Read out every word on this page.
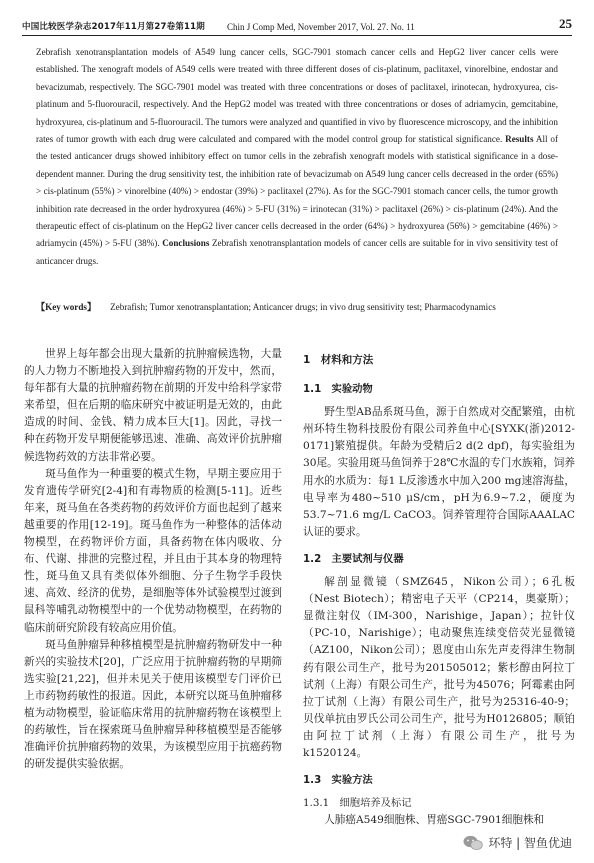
中国比较医学杂志2017年11月第27卷第11期 Chin J Comp Med, November 2017, Vol. 27. No. 11	25
Zebrafish xenotransplantation models of A549 lung cancer cells, SGC-7901 stomach cancer cells and HepG2 liver cancer cells were established. The xenograft models of A549 cells were treated with three different doses of cis-platinum, paclitaxel, vinorelbine, endostar and bevacizumab, respectively. The SGC-7901 model was treated with three concentrations or doses of paclitaxel, irinotecan, hydroxyurea, cis-platinum and 5-fluorouracil, respectively. And the HepG2 model was treated with three concentrations or doses of adriamycin, gemcitabine, hydroxyurea, cis-platinum and 5-fluorouracil. The tumors were analyzed and quantified in vivo by fluorescence microscopy, and the inhibition rates of tumor growth with each drug were calculated and compared with the model control group for statistical significance. Results All of the tested anticancer drugs showed inhibitory effect on tumor cells in the zebrafish xenograft models with statistical significance in a dose-dependent manner. During the drug sensitivity test, the inhibition rate of bevacizumab on A549 lung cancer cells decreased in the order (65%) > cis-platinum (55%) > vinorelbine (40%) > endostar (39%) > paclitaxel (27%). As for the SGC-7901 stomach cancer cells, the tumor growth inhibition rate decreased in the order hydroxyurea (46%) > 5-FU (31%) = irinotecan (31%) > paclitaxel (26%) > cis-platinum (24%). And the therapeutic effect of cis-platinum on the HepG2 liver cancer cells decreased in the order (64%) > hydroxyurea (56%) > gemcitabine (46%) > adriamycin (45%) > 5-FU (38%). Conclusions Zebrafish xenotransplantation models of cancer cells are suitable for in vivo sensitivity test of anticancer drugs.
【Key words】 Zebrafish; Tumor xenotransplantation; Anticancer drugs; in vivo drug sensitivity test; Pharmacodynamics

世界上每年都会出现大量新的抗肿瘤候选物，大量的人力物力不断地投入到抗肿瘤药物的开发中，然而，每年都有大量的抗肿瘤药物在前期的开发中给科学家带来希望，但在后期的临床研究中被证明是无效的，由此造成的时间、金钱、精力成本巨大[1]。因此，寻找一种在药物开发早期便能够迅速、准确、高效评价抗肿瘤候选物药效的方法非常必要。

斑马鱼作为一种重要的模式生物，早期主要应用于发育遗传学研究[2-4]和有毒物质的检测[5-11]。近些年来，斑马鱼在各类药物的药效评价方面也起到了越来越重要的作用[12-19]。斑马鱼作为一种整体的活体动物模型，在药物评价方面，具备药物在体内吸收、分布、代谢、排泄的完整过程，并且由于其本身的物理特性，斑马鱼又具有类似体外细胞、分子生物学手段快速、高效、经济的优势，是细胞等体外试验模型过渡到鼠科等哺乳动物模型中的一个优势动物模型，在药物的临床前研究阶段有较高应用价值。

斑马鱼肿瘤异种移植模型是抗肿瘤药物研发中一种新兴的实验技术[20]，广泛应用于抗肿瘤药物的早期筛选实验[21,22]，但并未见关于使用该模型专门评价已上市药物药敏性的报道。因此，本研究以斑马鱼肿瘤移植为动物模型，验证临床常用的抗肿瘤药物在该模型上的药敏性，旨在探索斑马鱼肿瘤异种移植模型是否能够准确评价抗肿瘤药物的效果，为该模型应用于抗癌药物的研发提供实验依据。

1　材料和方法
1.1　实验动物

野生型AB品系斑马鱼，源于自然成对交配繁殖，由杭州环特生物科技股份有限公司养鱼中心[SYXK(浙)2012-0171]繁殖提供。年龄为受精后2 d(2 dpf)，每实验组为30尾。实验用斑马鱼饲养于28℃水温的专门水族箱，饲养用水的水质为：每1 L反渗透水中加入200 mg速溶海盐，电导率为480~510 μS/cm，pH为6.9~7.2，硬度为53.7~71.6 mg/L CaCO3。饲养管理符合国际AAALAC认证的要求。

1.2　主要试剂与仪器

解剖显微镜（SMZ645，Nikon公司）；6孔板（Nest Biotech）；精密电子天平（CP214，奥豪斯）；显微注射仪（IM-300，Narishige，Japan）；拉针仪（PC-10，Narishige）；电动聚焦连续变倍荧光显微镜（AZ100，Nikon公司）；恩度由山东先声麦得津生物制药有限公司生产，批号为201505012；紫杉醇由阿拉丁试剂（上海）有限公司生产，批号为45076；阿霉素由阿拉丁试剂（上海）有限公司生产，批号为25316-40-9；贝伐单抗由罗氏公司公司生产，批号为H0126805；顺铂由阿拉丁试剂（上海）有限公司生产，批号为k1520124。

1.3　实验方法
1.3.1　细胞培养及标记

人肺癌A549细胞株、胃癌SGC-7901细胞株和

环特 | 智鱼优迪
